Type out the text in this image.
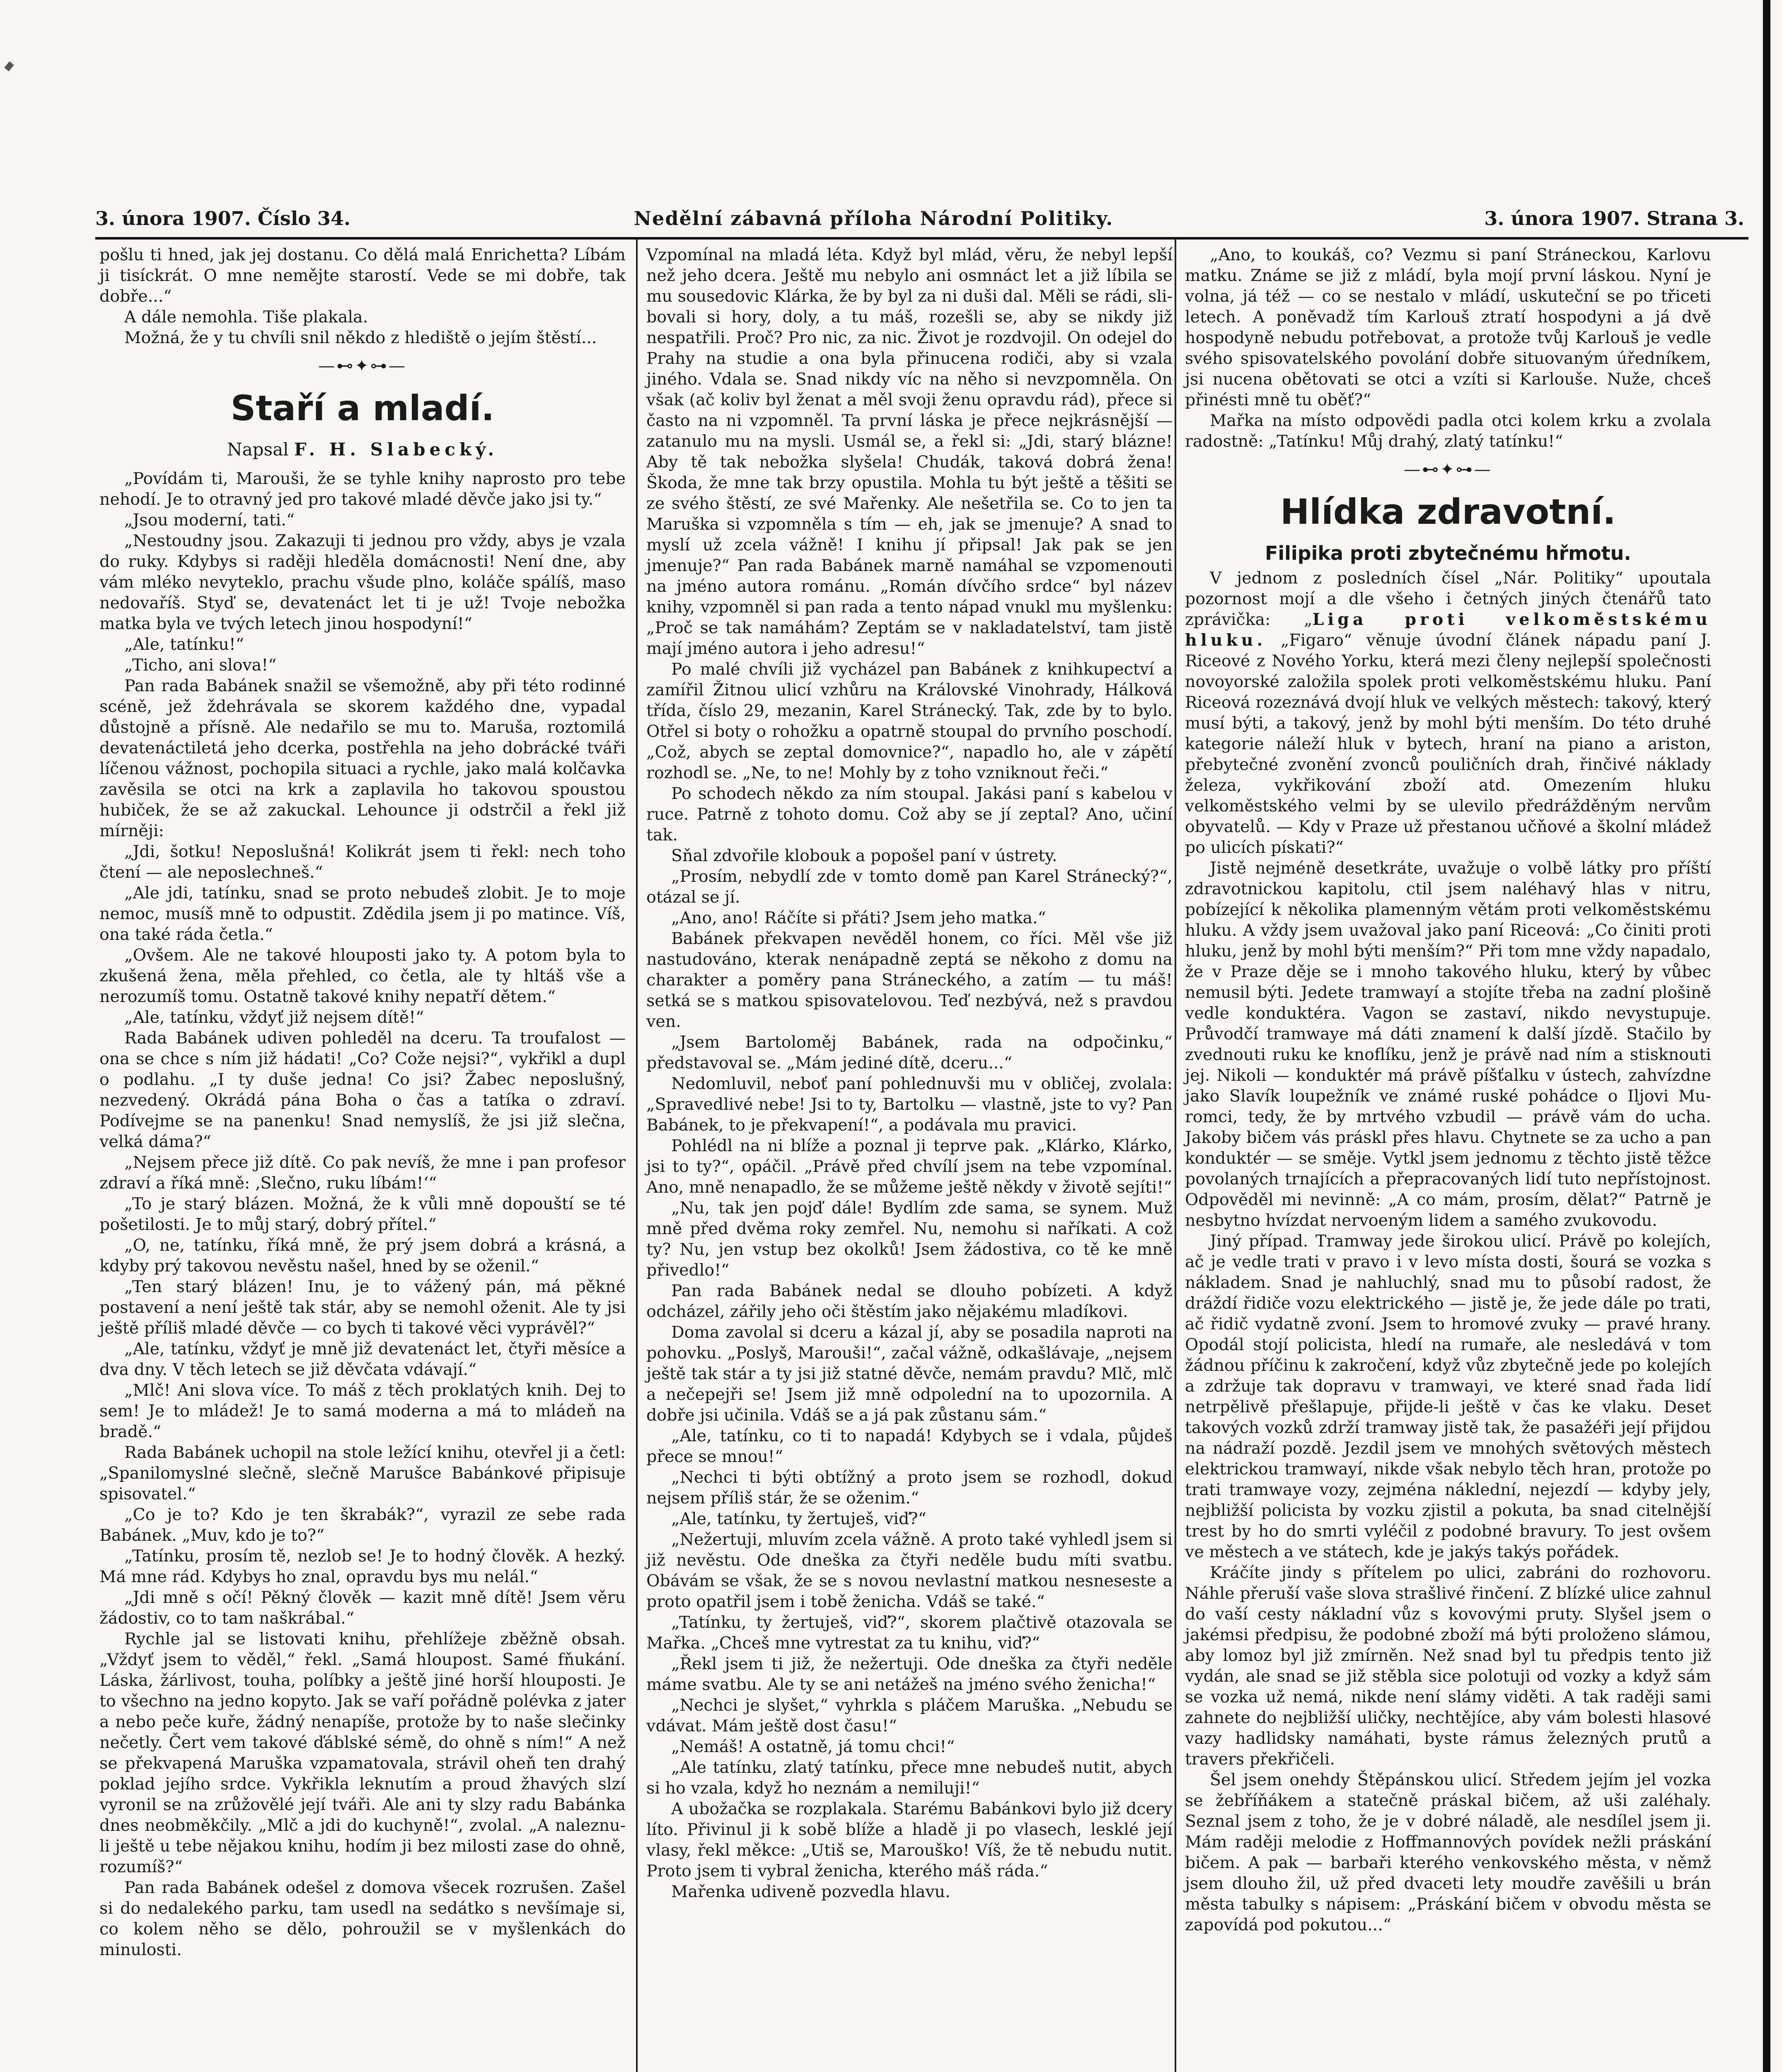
3. února 1907. Číslo 34.	Nedělní zábavná příloha Národní Politiky.	3. února 1907. Strana 3.

pošlu ti hned, jak jej dostanu. Co dělá malá Enrichetta? Líbám ji tisíckrát. O mne nemějte starostí. Vede se mi dobře, tak dobře...“

A dále nemohla. Tiše plakala.

Možná, že y tu chvíli snil někdo z hlediště o jejím štěstí...

—⊷✦⊶—
Staří a mladí.
Napsal F. H. Slabecký.

„Povídám ti, Marouši, že se tyhle knihy naprosto pro tebe nehodí. Je to otravný jed pro takové mladé děvče jako jsi ty.“

„Jsou moderní, tati.“

„Nestoudny jsou. Zakazuji ti jednou pro vždy, abys je vzala do ruky. Kdybys si raději hleděla domácnosti! Není dne, aby vám mléko nevyteklo, prachu všude plno, koláče spálíš, maso nedovaříš. Styď se, devatenáct let ti je už! Tvoje nebožka matka byla ve tvých letech jinou hospodyní!“

„Ale, tatínku!“

„Ticho, ani slova!“

Pan rada Babánek snažil se všemožně, aby při této rodinné scéně, jež ždehrávala se skorem každého dne, vypadal důstojně a přísně. Ale nedařilo se mu to. Maruša, roztomilá devatenáctiletá jeho dcerka, postřehla na jeho dobrácké tváři líčenou vážnost, pochopila situaci a rychle, jako malá kolčavka zavěsila se otci na krk a zaplavila ho takovou spoustou hubiček, že se až zakuckal. Lehounce ji odstrčil a řekl již mírněji:

„Jdi, šotku! Neposlušná! Kolikrát jsem ti řekl: nech toho čtení — ale neposlechneš.“

„Ale jdi, tatínku, snad se proto nebudeš zlobit. Je to moje nemoc, musíš mně to odpustit. Zdědila jsem ji po matince. Víš, ona také ráda četla.“

„Ovšem. Ale ne takové hlouposti jako ty. A potom byla to zkušená žena, měla přehled, co četla, ale ty hltáš vše a nerozumíš tomu. Ostatně takové knihy nepatří dětem.“

„Ale, tatínku, vždyť již nejsem dítě!“

Rada Babánek udiven pohleděl na dceru. Ta troufalost — ona se chce s ním již hádati! „Co? Cože nejsi?“, vykřikl a dupl o podlahu. „I ty duše jedna! Co jsi? Žabec neposlušný, nezvedený. Okrádá pána Boha o čas a tatíka o zdraví. Podívejme se na panenku! Snad nemyslíš, že jsi již slečna, velká dáma?“

„Nejsem přece již dítě. Co pak nevíš, že mne i pan profesor zdraví a říká mně: ‚Slečno, ruku líbám!‘“

„To je starý blázen. Možná, že k vůli mně dopouští se té pošetilosti. Je to můj starý, dobrý přítel.“

„O, ne, tatínku, říká mně, že prý jsem dobrá a krásná, a kdyby prý takovou nevěstu našel, hned by se oženil.“

„Ten starý blázen! Inu, je to vážený pán, má pěkné postavení a není ještě tak stár, aby se nemohl oženit. Ale ty jsi ještě příliš mladé děvče — co bych ti takové věci vyprávěl?“

„Ale, tatínku, vždyť je mně již devatenáct let, čtyři měsíce a dva dny. V těch letech se již děvčata vdávají.“

„Mlč! Ani slova více. To máš z těch proklatých knih. Dej to sem! Je to mládež! Je to samá moderna a má to mládeň na bradě.“

Rada Babánek uchopil na stole ležící knihu, otevřel ji a četl: „Spanilomyslné slečně, slečně Marušce Babánkové připisuje spisovatel.“

„Co je to? Kdo je ten škrabák?“, vyrazil ze sebe rada Babánek. „Muv, kdo je to?“

„Tatínku, prosím tě, nezlob se! Je to hodný člověk. A hezký. Má mne rád. Kdybys ho znal, opravdu bys mu nelál.“

„Jdi mně s očí! Pěkný člověk — kazit mně dítě! Jsem věru žádostiv, co to tam naškrábal.“

Rychle jal se listovati knihu, přehlížeje zběžně obsah. „Vždyť jsem to věděl,“ řekl. „Samá hloupost. Samé fňukání. Láska, žárlivost, touha, políbky a ještě jiné horší hlouposti. Je to všechno na jedno kopyto. Jak se vaří pořádně polévka z jater a nebo peče kuře, žádný nenapíše, protože by to naše slečinky nečetly. Čert vem takové ďáblské sémě, do ohně s ním!“ A než se překvapená Maruška vzpamatovala, strávil oheň ten drahý poklad jejího srdce. Vykřikla leknutím a proud žhavých slzí vyronil se na zrůžovělé její tváři. Ale ani ty slzy radu Babánka dnes neobměkčily. „Mlč a jdi do kuchyně!“, zvolal. „A naleznu-li ještě u tebe nějakou knihu, hodím ji bez milosti zase do ohně, rozumíš?“

Pan rada Babánek odešel z domova všecek rozrušen. Zašel si do nedalekého parku, tam usedl na sedátko s nevšímaje si, co kolem něho se dělo, pohroužil se v myšlenkách do minulosti.

Vzpomínal na mladá léta. Když byl mlád, věru, že nebyl lepší než jeho dcera. Ještě mu nebylo ani osmnáct let a již líbila se mu sousedovic Klárka, že by byl za ni duši dal. Měli se rádi, slibovali si hory, doly, a tu máš, rozešli se, aby se nikdy již nespatřili. Proč? Pro nic, za nic. Život je rozdvojil. On odejel do Prahy na studie a ona byla přinucena rodiči, aby si vzala jiného. Vdala se. Snad nikdy víc na něho si nevzpomněla. On však (ač koliv byl ženat a měl svoji ženu opravdu rád), přece si často na ni vzpomněl. Ta první láska je přece nejkrásnější — zatanulo mu na mysli. Usmál se, a řekl si: „Jdi, starý blázne! Aby tě tak nebožka slyšela! Chudák, taková dobrá žena! Škoda, že mne tak brzy opustila. Mohla tu být ještě a těšiti se ze svého štěstí, ze své Mařenky. Ale nešetřila se. Co to jen ta Maruška si vzpomněla s tím — eh, jak se jmenuje? A snad to myslí už zcela vážně! I knihu jí připsal! Jak pak se jen jmenuje?“ Pan rada Babánek marně namáhal se vzpomenouti na jméno autora románu. „Román dívčího srdce“ byl název knihy, vzpomněl si pan rada a tento nápad vnukl mu myšlenku: „Proč se tak namáhám? Zeptám se v nakladatelství, tam jistě mají jméno autora i jeho adresu!“

Po malé chvíli již vycházel pan Babánek z knihkupectví a zamířil Žitnou ulicí vzhůru na Královské Vinohrady, Hálková třída, číslo 29, mezanin, Karel Stránecký. Tak, zde by to bylo. Otřel si boty o rohožku a opatrně stoupal do prvního poschodí. „Což, abych se zeptal domovnice?“, napadlo ho, ale v zápětí rozhodl se. „Ne, to ne! Mohly by z toho vzniknout řeči.“

Po schodech někdo za ním stoupal. Jakási paní s kabelou v ruce. Patrně z tohoto domu. Což aby se jí zeptal? Ano, učiní tak.

Sňal zdvořile klobouk a popošel paní v ústrety.

„Prosím, nebydlí zde v tomto domě pan Karel Stránecký?“, otázal se jí.

„Ano, ano! Ráčíte si přáti? Jsem jeho matka.“

Babánek překvapen nevěděl honem, co říci. Měl vše již nastudováno, kterak nenápadně zeptá se někoho z domu na charakter a poměry pana Stráneckého, a zatím — tu máš! setká se s matkou spisovatelovou. Teď nezbývá, než s pravdou ven.

„Jsem Bartoloměj Babánek, rada na odpočinku,“ představoval se. „Mám jediné dítě, dceru...“

Nedomluvil, neboť paní pohlednuvši mu v obličej, zvolala: „Spravedlivé nebe! Jsi to ty, Bartolku — vlastně, jste to vy? Pan Babánek, to je překvapení!“, a podávala mu pravici.

Pohlédl na ni blíže a poznal ji teprve pak. „Klárko, Klárko, jsi to ty?“, opáčil. „Právě před chvílí jsem na tebe vzpomínal. Ano, mně nenapadlo, že se můžeme ještě někdy v životě sejíti!“

„Nu, tak jen pojď dále! Bydlím zde sama, se synem. Muž mně před dvěma roky zemřel. Nu, nemohu si naříkati. A což ty? Nu, jen vstup bez okolků! Jsem žádostiva, co tě ke mně přivedlo!“

Pan rada Babánek nedal se dlouho pobízeti. A když odcházel, zářily jeho oči štěstím jako nějakému mladíkovi.

Doma zavolal si dceru a kázal jí, aby se posadila naproti na pohovku. „Poslyš, Marouši!“, začal vážně, odkašlávaje, „nejsem ještě tak stár a ty jsi již statné děvče, nemám pravdu? Mlč, mlč a nečepejři se! Jsem již mně odpolední na to upozornila. A dobře jsi učinila. Vdáš se a já pak zůstanu sám.“

„Ale, tatínku, co ti to napadá! Kdybych se i vdala, půjdeš přece se mnou!“

„Nechci ti býti obtížný a proto jsem se rozhodl, dokud nejsem příliš stár, že se oženim.“

„Ale, tatínku, ty žertuješ, viď?“

„Nežertuji, mluvím zcela vážně. A proto také vyhledl jsem si již nevěstu. Ode dneška za čtyři neděle budu míti svatbu. Obávám se však, že se s novou nevlastní matkou nesneseste a proto opatřil jsem i tobě ženicha. Vdáš se také.“

„Tatínku, ty žertuješ, viď?“, skorem plačtivě otazovala se Mařka. „Chceš mne vytrestat za tu knihu, viď?“

„Řekl jsem ti již, že nežertuji. Ode dneška za čtyři neděle máme svatbu. Ale ty se ani netážeš na jméno svého ženicha!“

„Nechci je slyšet,“ vyhrkla s pláčem Maruška. „Nebudu se vdávat. Mám ještě dost času!“

„Nemáš! A ostatně, já tomu chci!“

„Ale tatínku, zlatý tatínku, přece mne nebudeš nutit, abych si ho vzala, když ho neznám a nemiluji!“

A ubožačka se rozplakala. Starému Babánkovi bylo již dcery líto. Přivinul ji k sobě blíže a hladě ji po vlasech, lesklé její vlasy, řekl měkce: „Utiš se, Marouško! Víš, že tě nebudu nutit. Proto jsem ti vybral ženicha, kterého máš ráda.“

Mařenka udiveně pozvedla hlavu.

„Ano, to koukáš, co? Vezmu si paní Stráneckou, Karlovu matku. Známe se již z mládí, byla mojí první láskou. Nyní je volna, já též — co se nestalo v mládí, uskuteční se po třiceti letech. A poněvadž tím Karlouš ztratí hospodyni a já dvě hospodyně nebudu potřebovat, a protože tvůj Karlouš je vedle svého spisovatelského povolání dobře situovaným úředníkem, jsi nucena obětovati se otci a vzíti si Karlouše. Nuže, chceš přinésti mně tu oběť?“

Mařka na místo odpovědi padla otci kolem krku a zvolala radostně: „Tatínku! Můj drahý, zlatý tatínku!“

—⊷✦⊶—
Hlídka zdravotní.
Filipika proti zbytečnému hřmotu.

V jednom z posledních čísel „Nár. Politiky“ upoutala pozornost mojí a dle všeho i četných jiných čtenářů tato zprávička: „Liga proti velkoměstskému hluku. „Figaro“ věnuje úvodní článek nápadu paní J. Riceové z Nového Yorku, která mezi členy nejlepší společnosti novoyorské založila spolek proti velkoměstskému hluku. Paní Riceová rozeznává dvojí hluk ve velkých městech: takový, který musí býti, a takový, jenž by mohl býti menším. Do této druhé kategorie náleží hluk v bytech, hraní na piano a ariston, přebytečné zvonění zvonců pouličních drah, řinčivé náklady železa, vykřikování zboží atd. Omezením hluku velkoměstského velmi by se ulevilo předrážděným nervům obyvatelů. — Kdy v Praze už přestanou učňové a školní mládež po ulicích pískati?“

Jistě nejméně desetkráte, uvažuje o volbě látky pro příští zdravotnickou kapitolu, ctil jsem naléhavý hlas v nitru, pobízející k několika plamenným větám proti velkoměstskému hluku. A vždy jsem uvažoval jako paní Riceová: „Co činiti proti hluku, jenž by mohl býti menším?“ Při tom mne vždy napadalo, že v Praze děje se i mnoho takového hluku, který by vůbec nemusil býti. Jedete tramwayí a stojíte třeba na zadní plošině vedle konduktéra. Vagon se zastaví, nikdo nevystupuje. Průvodčí tramwaye má dáti znamení k další jízdě. Stačilo by zvednouti ruku ke knoflíku, jenž je právě nad ním a stisknouti jej. Nikoli — konduktér má právě píšťalku v ústech, zahvízdne jako Slavík loupežník ve známé ruské pohádce o Iljovi Muromci, tedy, že by mrtvého vzbudil — právě vám do ucha. Jakoby bičem vás práskl přes hlavu. Chytnete se za ucho a pan konduktér — se směje. Vytkl jsem jednomu z těchto jistě těžce povolaných trnajících a přepracovaných lidí tuto nepřístojnost. Odpověděl mi nevinně: „A co mám, prosím, dělat?“ Patrně je nesbytno hvízdat nervoeným lidem a samého zvukovodu.

Jiný případ. Tramway jede širokou ulicí. Právě po kolejích, ač je vedle trati v pravo i v levo místa dosti, šourá se vozka s nákladem. Snad je nahluchlý, snad mu to působí radost, že dráždí řidiče vozu elektrického — jistě je, že jede dále po trati, ač řidič vydatně zvoní. Jsem to hromové zvuky — pravé hrany. Opodál stojí policista, hledí na rumaře, ale nesledává v tom žádnou příčinu k zakročení, když vůz zbytečně jede po kolejích a zdržuje tak dopravu v tramwayi, ve které snad řada lidí netrpělivě přešlapuje, přijde-li ještě v čas ke vlaku. Deset takových vozků zdrží tramway jistě tak, že pasažéři její přijdou na nádraží pozdě. Jezdil jsem ve mnohých světových městech elektrickou tramwayí, nikde však nebylo těch hran, protože po trati tramwaye vozy, zejména náklední, nejezdí — kdyby jely, nejbližší policista by vozku zjistil a pokuta, ba snad citelnější trest by ho do smrti vyléčil z podobné bravury. To jest ovšem ve městech a ve státech, kde je jakýs takýs pořádek.

Kráčíte jindy s přítelem po ulici, zabráni do rozhovoru. Náhle přeruší vaše slova strašlivé řinčení. Z blízké ulice zahnul do vaší cesty nákladní vůz s kovovými pruty. Slyšel jsem o jakémsi předpisu, že podobné zboží má býti proloženo slámou, aby lomoz byl již zmírněn. Než snad byl tu předpis tento již vydán, ale snad se již stěbla sice polotuji od vozky a když sám se vozka už nemá, nikde není slámy viděti. A tak raději sami zahnete do nejbližší uličky, nechtějíce, aby vám bolesti hlasové vazy hadlidsky namáhati, byste rámus železných prutů a travers překřičeli.

Šel jsem onehdy Štěpánskou ulicí. Středem jejím jel vozka se žebříňákem a statečně práskal bičem, až uši zaléhaly. Seznal jsem z toho, že je v dobré náladě, ale nesdílel jsem ji. Mám raději melodie z Hoffmannových povídek nežli práskání bičem. A pak — barbaři kterého venkovského města, v němž jsem dlouho žil, už před dvaceti lety moudře zavěšili u brán města tabulky s nápisem: „Práskání bičem v obvodu města se zapovídá pod pokutou...“
